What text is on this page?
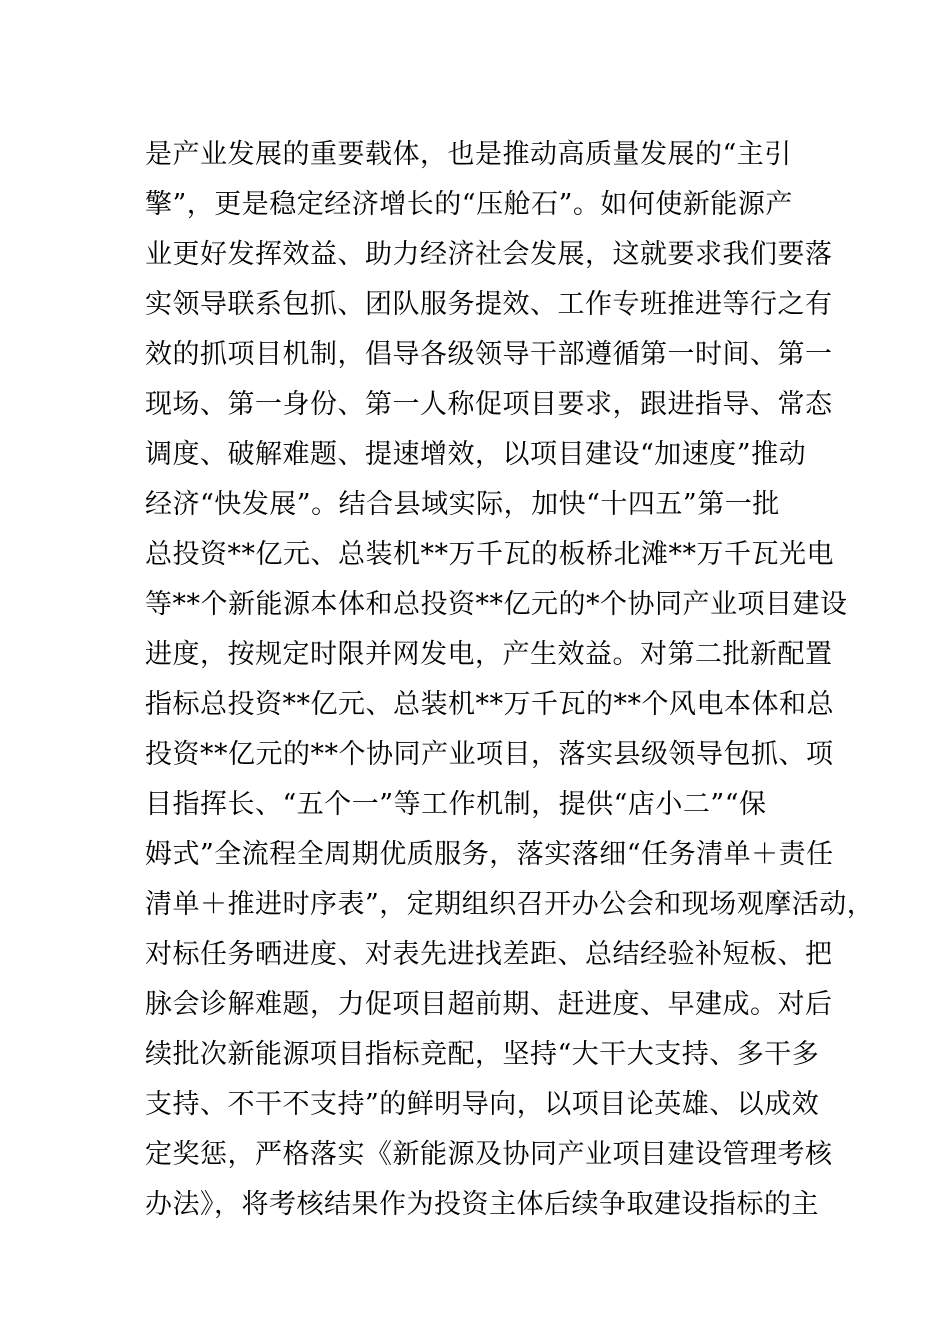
是产业发展的重要载体，也是推动高质量发展的“主引
擎”，更是稳定经济增长的“压舱石”。如何使新能源产
业更好发挥效益、助力经济社会发展，这就要求我们要落
实领导联系包抓、团队服务提效、工作专班推进等行之有
效的抓项目机制，倡导各级领导干部遵循第一时间、第一
现场、第一身份、第一人称促项目要求，跟进指导、常态
调度、破解难题、提速增效，以项目建设“加速度”推动
经济“快发展”。结合县域实际，加快“十四五”第一批
总投资**亿元、总装机**万千瓦的板桥北滩**万千瓦光电
等**个新能源本体和总投资**亿元的*个协同产业项目建设
进度，按规定时限并网发电，产生效益。对第二批新配置
指标总投资**亿元、总装机**万千瓦的**个风电本体和总
投资**亿元的**个协同产业项目，落实县级领导包抓、项
目指挥长、“五个一”等工作机制，提供“店小二”“保
姆式”全流程全周期优质服务，落实落细“任务清单＋责任
清单＋推进时序表”，定期组织召开办公会和现场观摩活动，
对标任务晒进度、对表先进找差距、总结经验补短板、把
脉会诊解难题，力促项目超前期、赶进度、早建成。对后
续批次新能源项目指标竞配，坚持“大干大支持、多干多
支持、不干不支持”的鲜明导向，以项目论英雄、以成效
定奖惩，严格落实《新能源及协同产业项目建设管理考核
办法》，将考核结果作为投资主体后续争取建设指标的主
